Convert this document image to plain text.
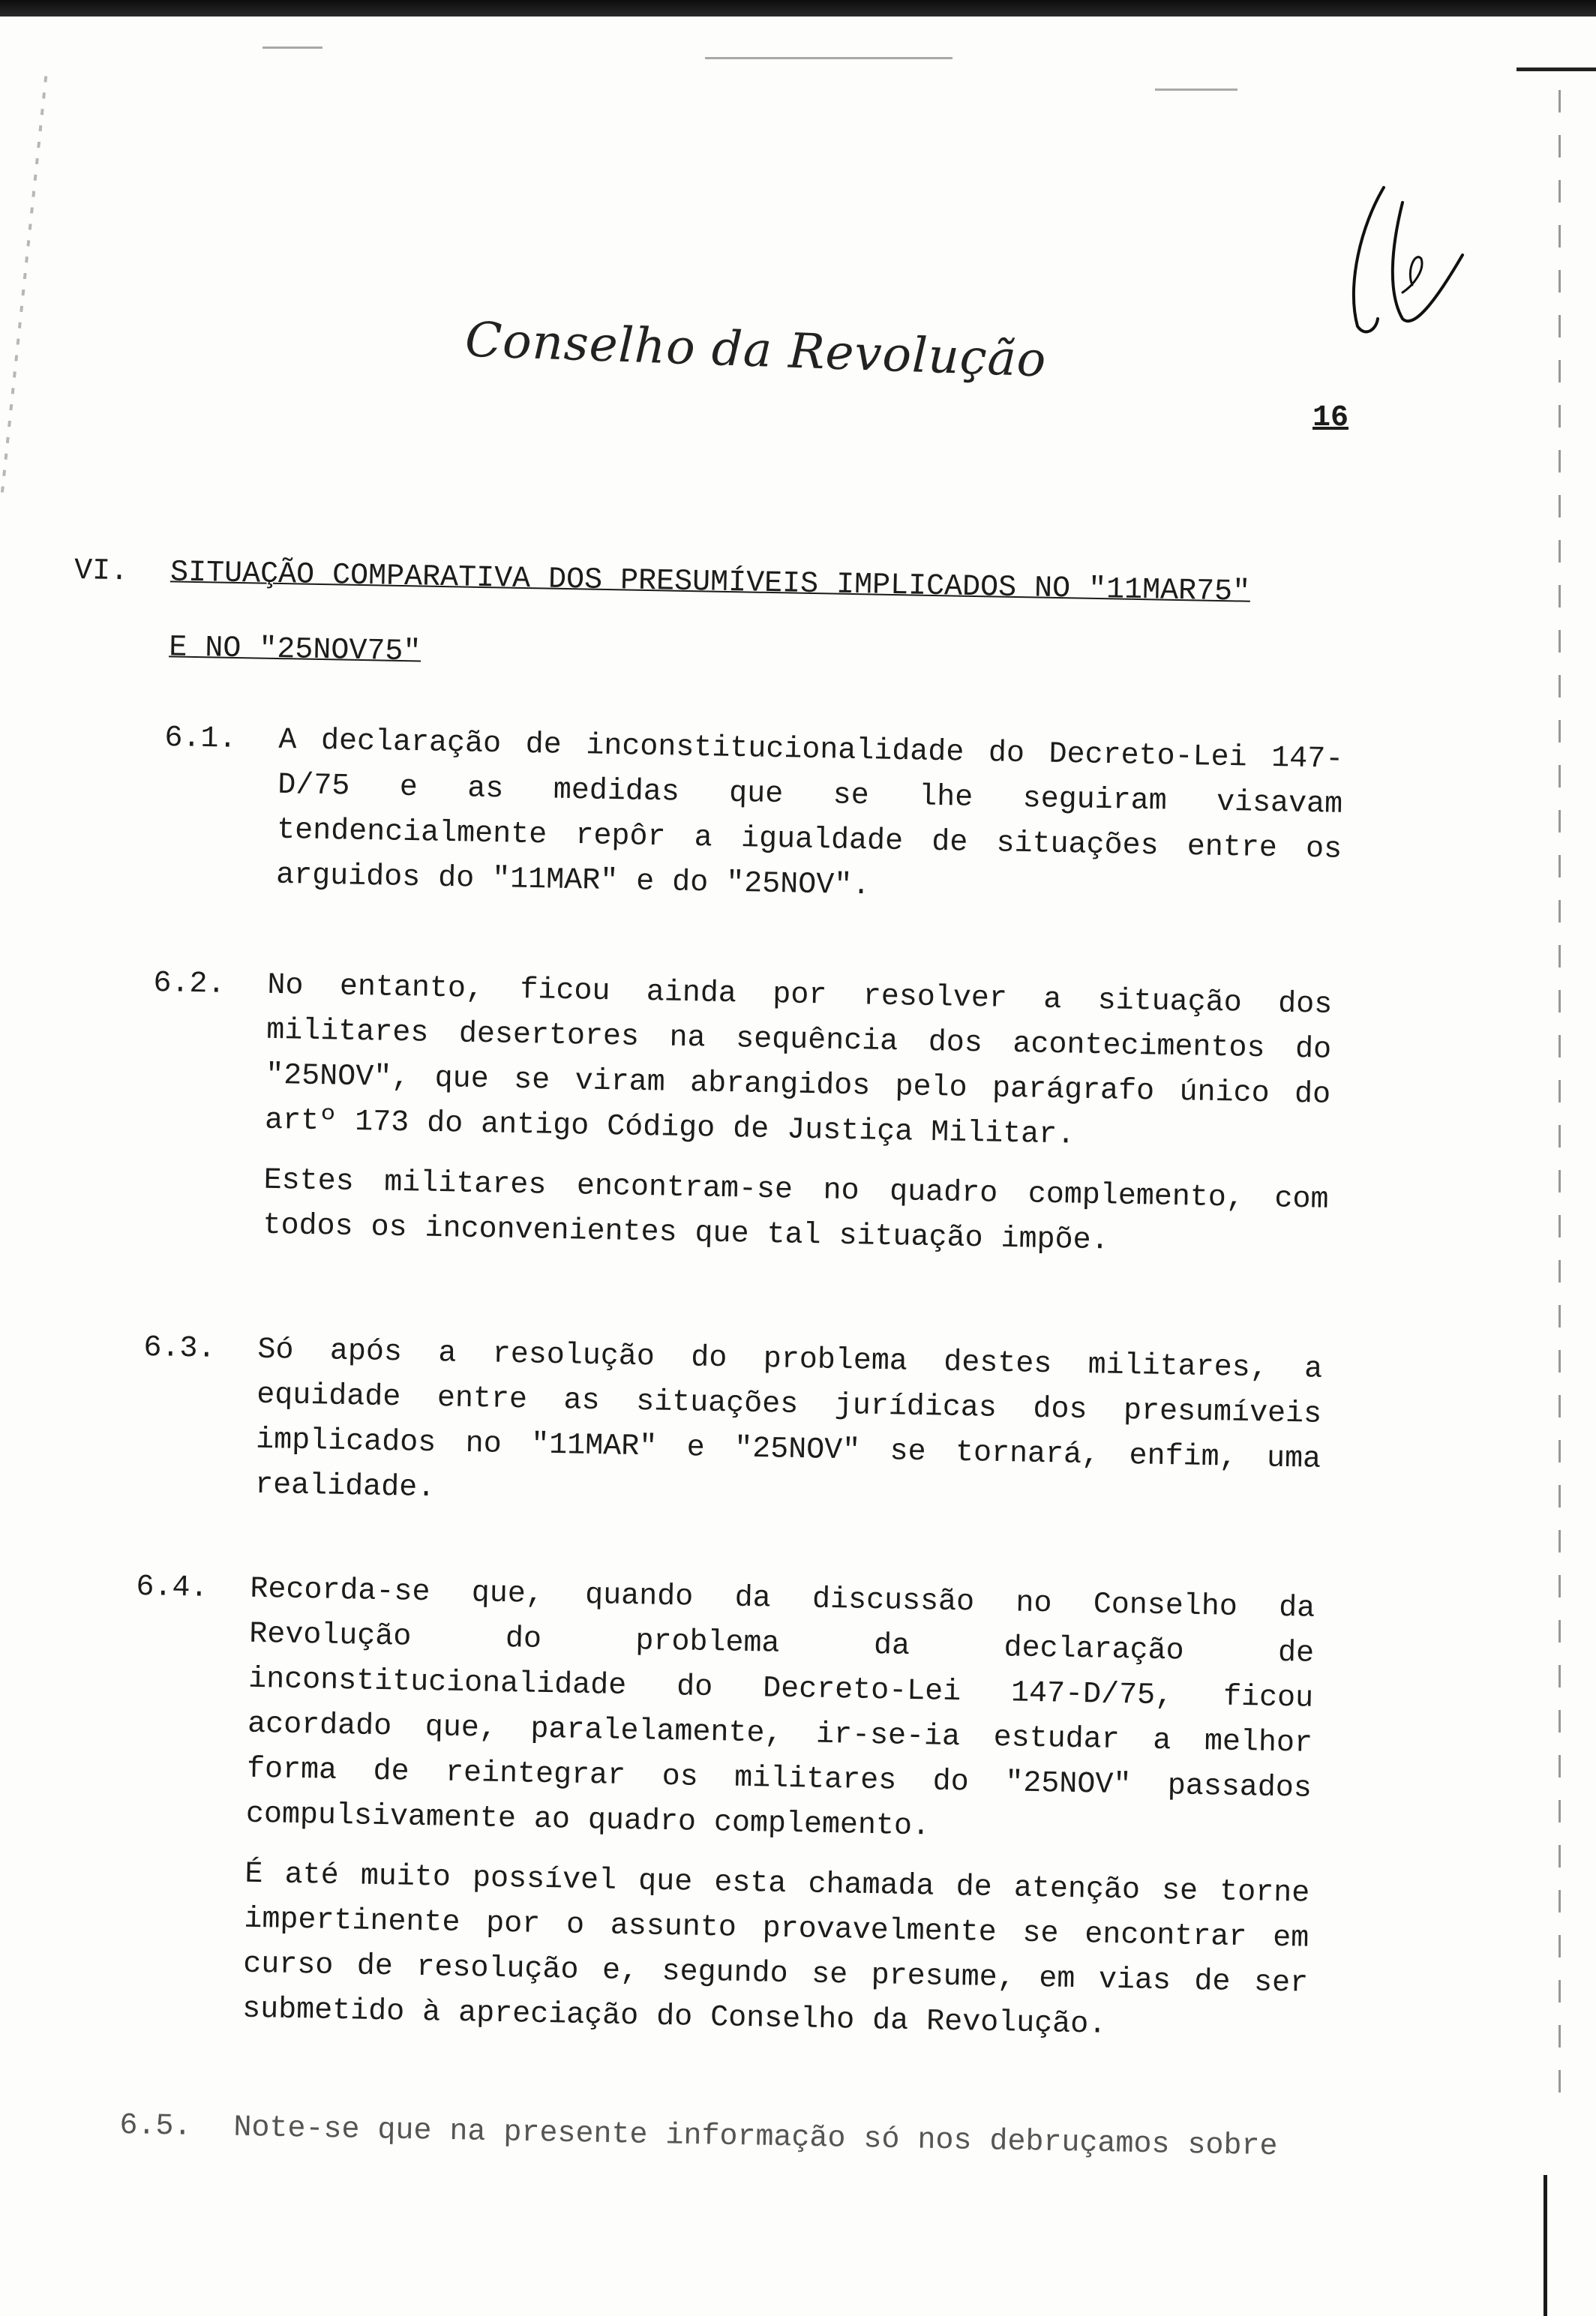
Conselho da Revolução
16
VI. SITUAÇÃO COMPARATIVA DOS PRESUMÍVEIS IMPLICADOS NO "11MAR75"
E NO "25NOV75"
6.1.	A declaração de inconstitucionalidade do Decreto-Lei 147-D/75 e as medidas que se lhe seguiram visavam tendencialmente repôr a igualdade de situações entre os arguidos do "11MAR" e do "25NOV".

6.2.	No entanto, ficou ainda por resolver a situação dos militares desertores na sequência dos acontecimentos do "25NOV", que se viram abrangidos pelo parágrafo único do artº 173 do antigo Código de Justiça Militar.

Estes militares encontram-se no quadro complemento, com todos os inconvenientes que tal situação impõe.

6.3.	Só após a resolução do problema destes militares, a equidade entre as situações jurídicas dos presumíveis implicados no "11MAR" e "25NOV" se tornará, enfim, uma realidade.

6.4.	Recorda-se que, quando da discussão no Conselho da Revolução do problema da declaração de inconstitucionalidade do Decreto-Lei 147-D/75, ficou acordado que, paralelamente, ir-se-ia estudar a melhor forma de reintegrar os militares do "25NOV" passados compulsivamente ao quadro complemento.

É até muito possível que esta chamada de atenção se torne impertinente por o assunto provavelmente se encontrar em curso de resolução e, segundo se presume, em vias de ser submetido à apreciação do Conselho da Revolução.

6.5.	Note-se que na presente informação só nos debruçamos sobre
